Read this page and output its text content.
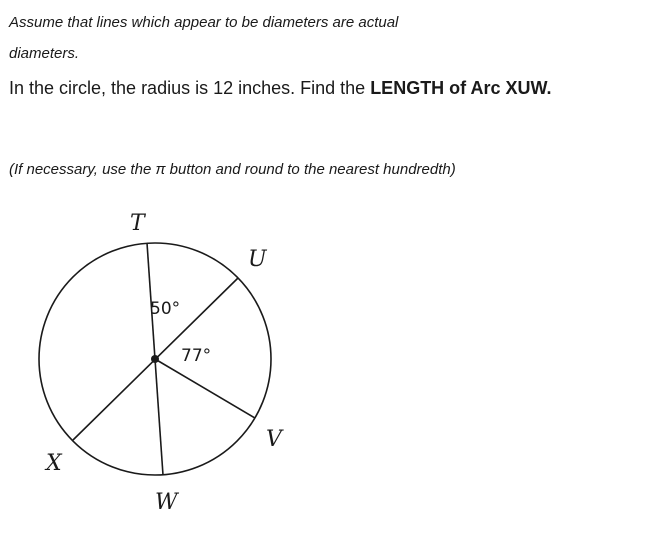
Assume that lines which appear to be diameters are actual

diameters.

In the circle, the radius is 12 inches. Find the LENGTH of Arc XUW.

(If necessary, use the π button and round to the nearest hundredth)

T
U
V
W
X
50°
77°
